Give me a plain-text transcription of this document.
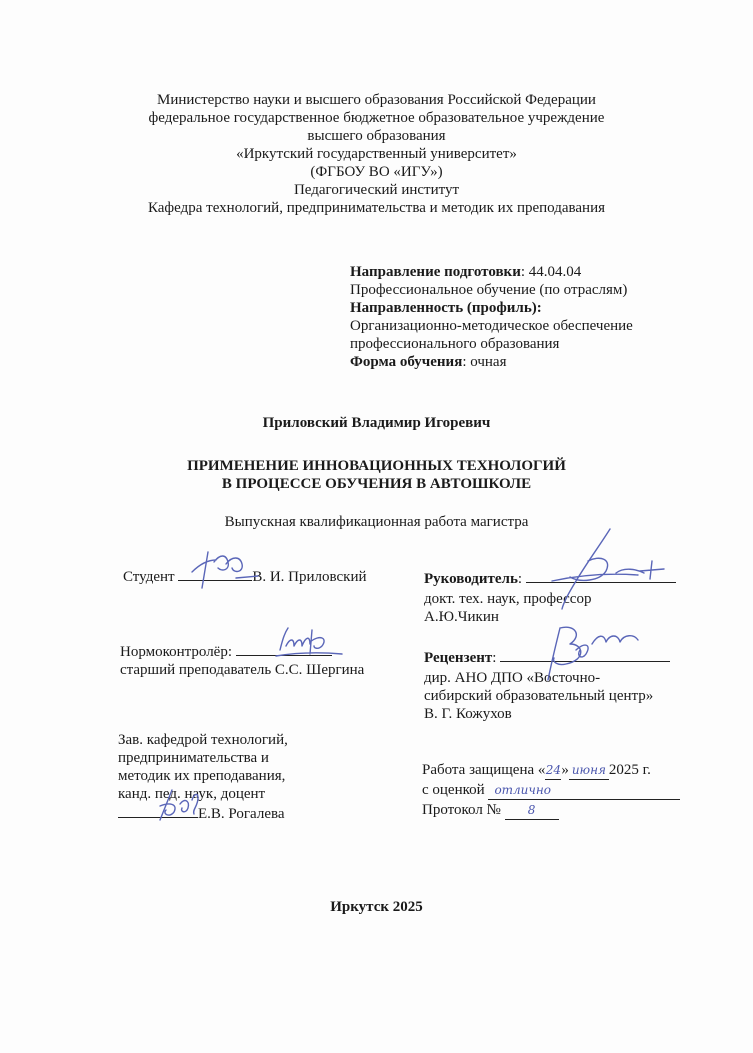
Министерство науки и высшего образования Российской Федерации
федеральное государственное бюджетное образовательное учреждение
высшего образования
«Иркутский государственный университет»
(ФГБОУ ВО «ИГУ»)
Педагогический институт
Кафедра технологий, предпринимательства и методик их преподавания
Направление подготовки: 44.04.04
Профессиональное обучение (по отраслям)
Направленность (профиль):
Организационно-методическое обеспечение
профессионального образования
Форма обучения: очная
Приловский Владимир Игоревич
ПРИМЕНЕНИЕ ИННОВАЦИОННЫХ ТЕХНОЛОГИЙ
В ПРОЦЕССЕ ОБУЧЕНИЯ В АВТОШКОЛЕ
Выпускная квалификационная работа магистра
Студент	В. И. Приловский	Руководитель:
докт. тех. наук, профессор
А.Ю.Чикин
Нормоконтролёр:
старший преподаватель С.С. Шергина
Рецензент:
дир. АНО ДПО «Восточно-
сибирский образовательный центр»
В. Г. Кожухов
Зав. кафедрой технологий,
предпринимательства и
методик их преподавания,
канд. пед. наук, доцент
Е.В. Рогалева
Работа защищена «24» июня 2025 г.
с оценкой отлично
Протокол № 8
Иркутск 2025
